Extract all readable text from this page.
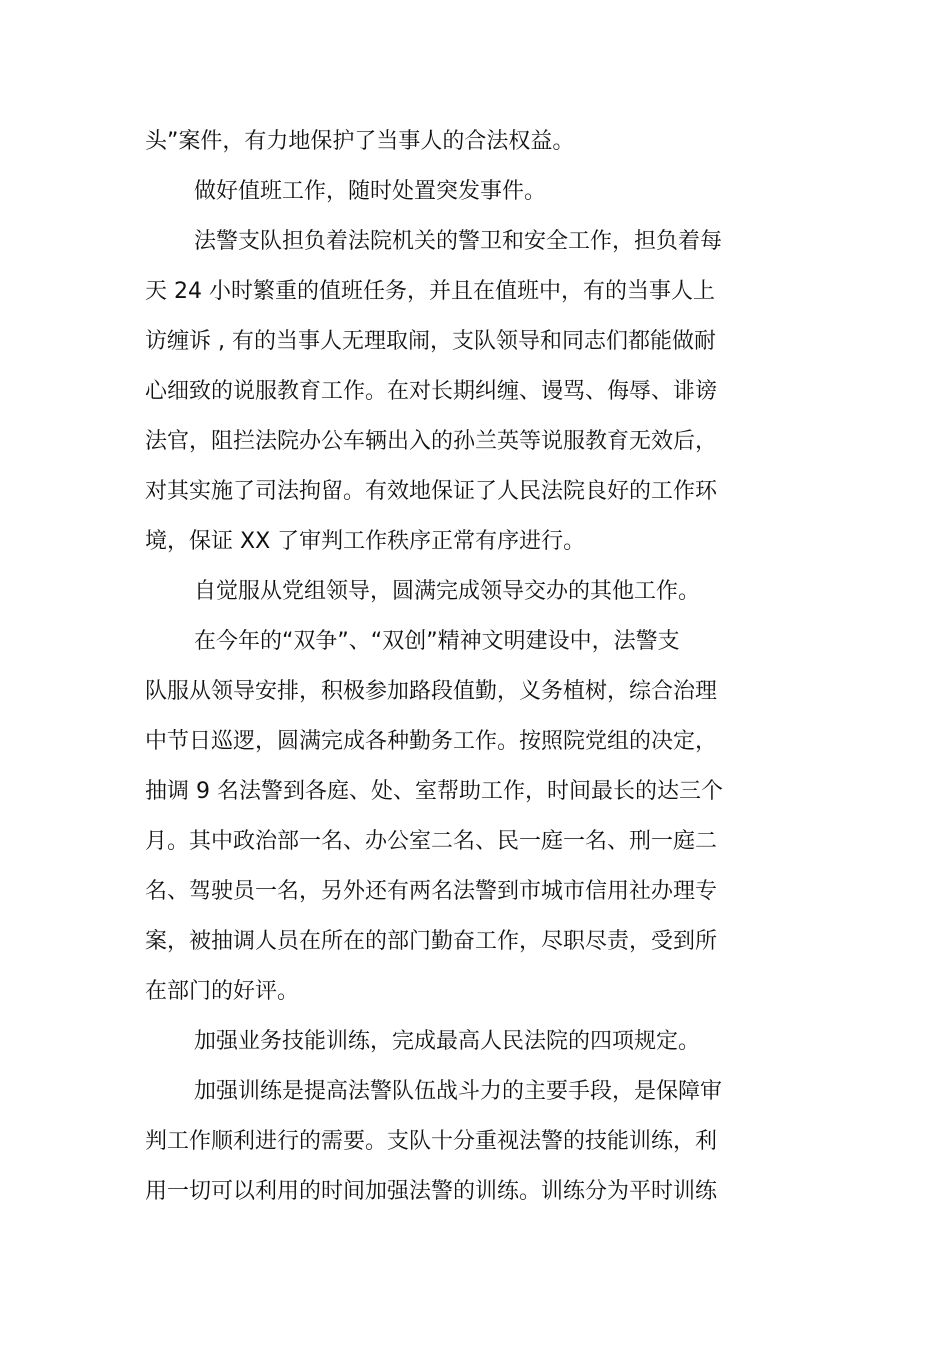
头”案件，有力地保护了当事人的合法权益。
做好值班工作，随时处置突发事件。
法警支队担负着法院机关的警卫和安全工作，担负着每
天 24 小时繁重的值班任务，并且在值班中，有的当事人上
访缠诉 , 有的当事人无理取闹，支队领导和同志们都能做耐
心细致的说服教育工作。在对长期纠缠、谩骂、侮辱、诽谤
法官，阻拦法院办公车辆出入的孙兰英等说服教育无效后，
对其实施了司法拘留。有效地保证了人民法院良好的工作环
境，保证 XX 了审判工作秩序正常有序进行。
自觉服从党组领导，圆满完成领导交办的其他工作。
在今年的“双争”、“双创”精神文明建设中，法警支
队服从领导安排，积极参加路段值勤，义务植树，综合治理
中节日巡逻，圆满完成各种勤务工作。按照院党组的决定，
抽调 9 名法警到各庭、处、室帮助工作，时间最长的达三个
月。其中政治部一名、办公室二名、民一庭一名、刑一庭二
名、驾驶员一名，另外还有两名法警到市城市信用社办理专
案，被抽调人员在所在的部门勤奋工作，尽职尽责，受到所
在部门的好评。
加强业务技能训练，完成最高人民法院的四项规定。
加强训练是提高法警队伍战斗力的主要手段，是保障审
判工作顺利进行的需要。支队十分重视法警的技能训练，利
用一切可以利用的时间加强法警的训练。训练分为平时训练
